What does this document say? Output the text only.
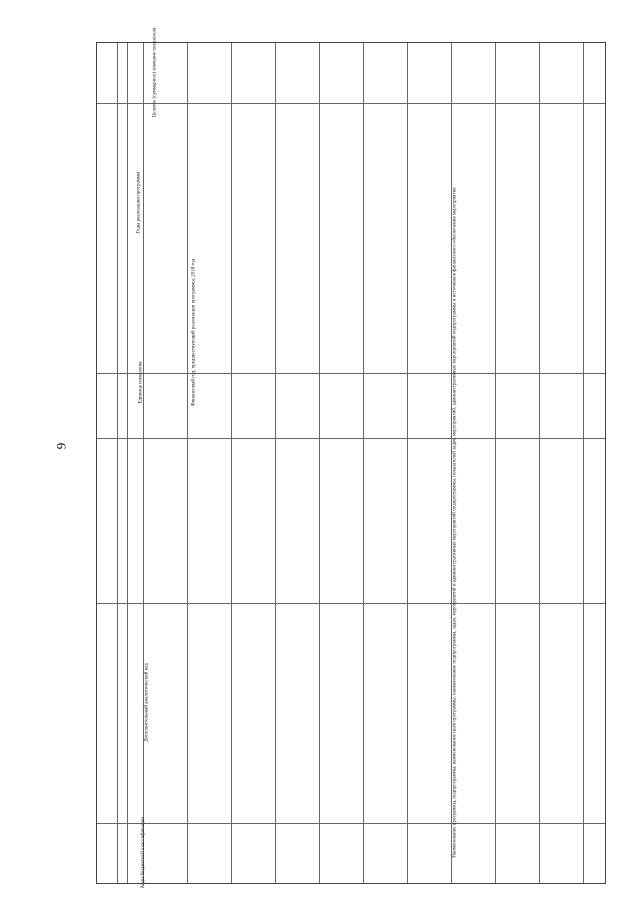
9	Наименование программы, подпрограммы, наименование цели программы, наименование подпрограммы, задач, мероприятий и административных мероприятий подпрограммы, показателей задач, мероприятий, административных мероприятий подпрограммы и источников финансового обеспечения мероприятия
Единица измерения	Финансовый год, предшествующий реализации программы, 2018 год
Годы реализации программы
Целевое (суммарное) значение показателя
Коды бюджетной классификации
Дополнительный аналитический код
